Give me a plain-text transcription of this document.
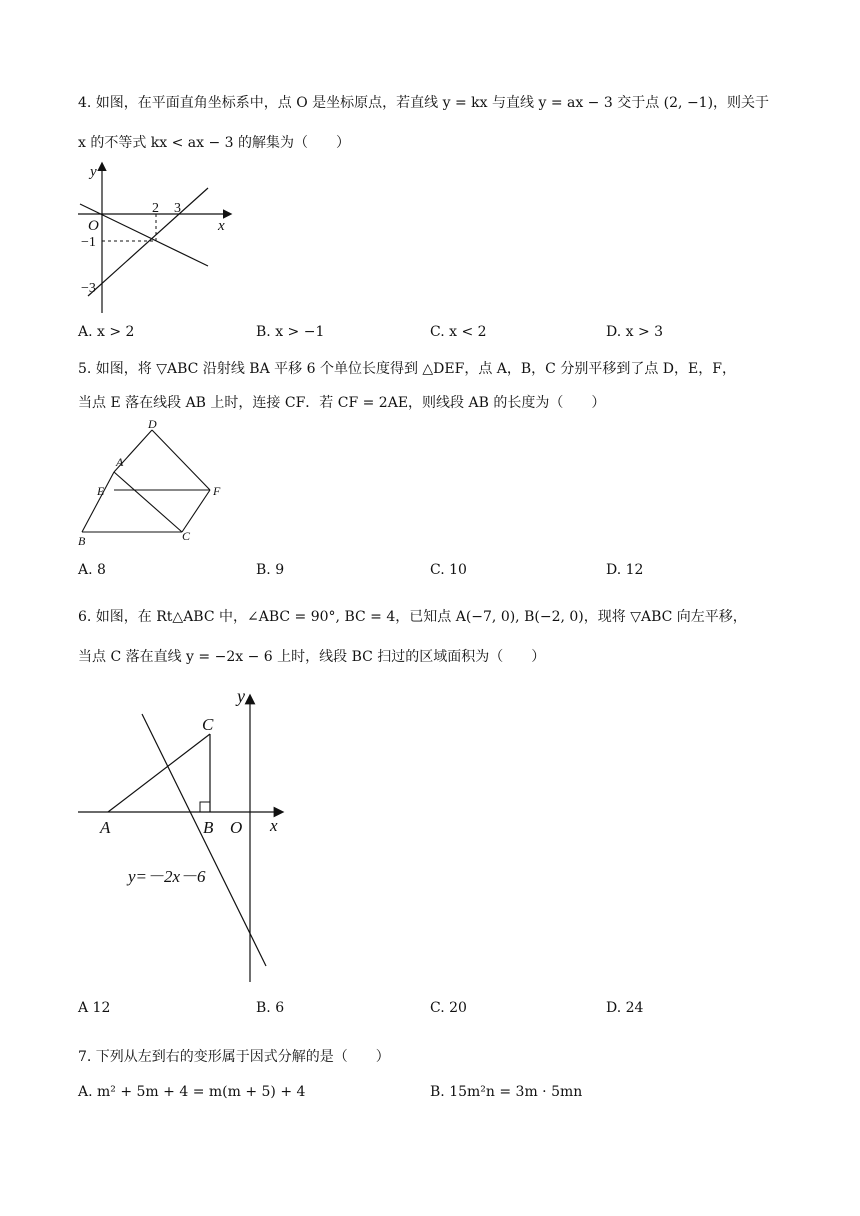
4. 如图，在平面直角坐标系中，点 O 是坐标原点，若直线 y = kx 与直线 y = ax − 3 交于点 (2, −1)，则关于
x 的不等式 kx < ax − 3 的解集为（　　）
y
x
O
2 3
−1
−3
A. x > 2	B. x > −1	C. x < 2	D. x > 3
5. 如图，将 ▽ABC 沿射线 BA 平移 6 个单位长度得到 △DEF，点 A，B，C 分别平移到了点 D，E，F，
当点 E 落在线段 AB 上时，连接 CF．若 CF = 2AE，则线段 AB 的长度为（　　）
D
A
E	F
B	C
A. 8	B. 9	C. 10	D. 12
6. 如图，在 Rt△ABC 中，∠ABC = 90°, BC = 4，已知点 A(−7, 0), B(−2, 0)，现将 ▽ABC 向左平移，
当点 C 落在直线 y = −2x − 6 上时，线段 BC 扫过的区域面积为（　　）
y
C
A	B O x
y=－2x－6
A 12	B. 6	C. 20	D. 24
7. 下列从左到右的变形属于因式分解的是（　　）
A. m² + 5m + 4 = m(m + 5) + 4	B. 15m²n = 3m · 5mn
